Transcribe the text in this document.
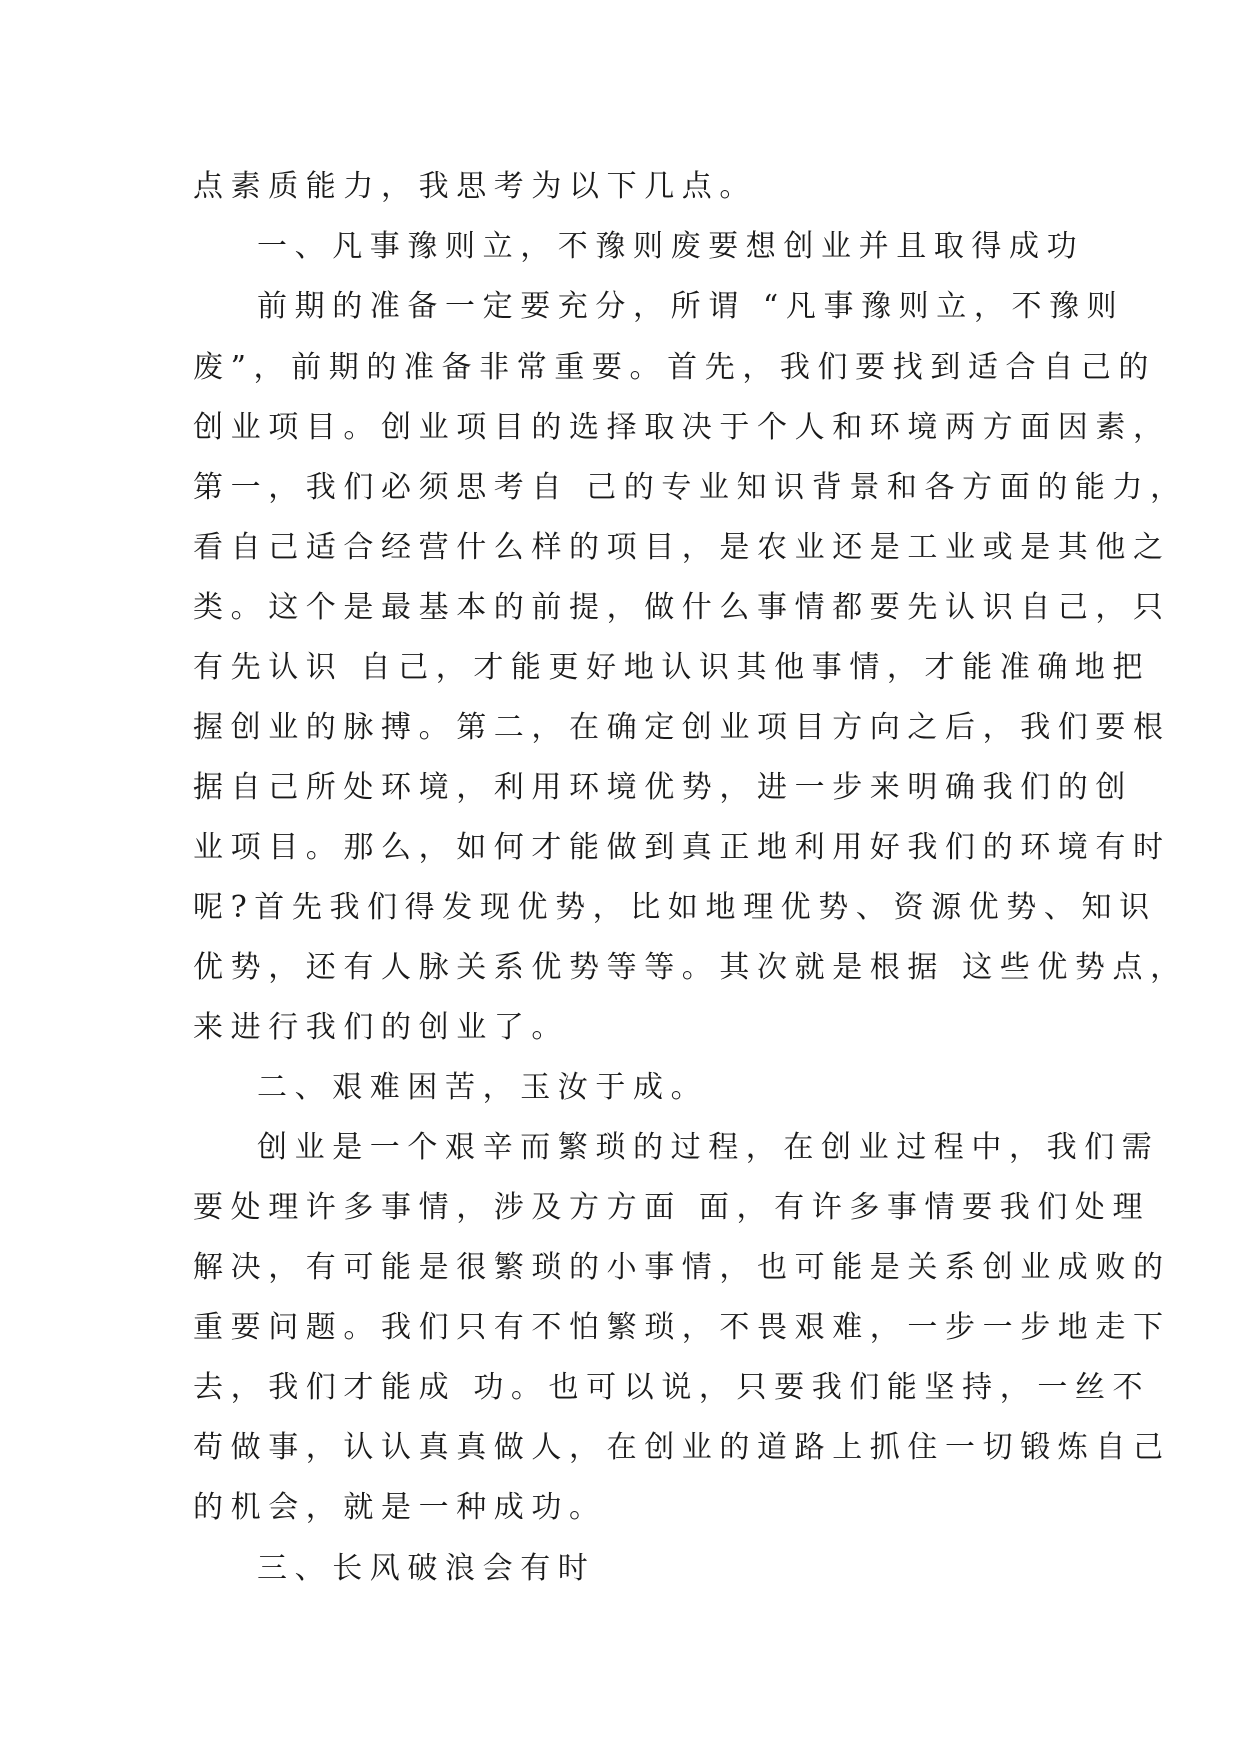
点素质能力，我思考为以下几点。
一、凡事豫则立，不豫则废要想创业并且取得成功
前期的准备一定要充分，所谓 “凡事豫则立，不豫则
废”，前期的准备非常重要。首先，我们要找到适合自己的
创业项目。创业项目的选择取决于个人和环境两方面因素，
第一，我们必须思考自 己的专业知识背景和各方面的能力，
看自己适合经营什么样的项目，是农业还是工业或是其他之
类。这个是最基本的前提，做什么事情都要先认识自己，只
有先认识 自己，才能更好地认识其他事情，才能准确地把
握创业的脉搏。第二，在确定创业项目方向之后，我们要根
据自己所处环境，利用环境优势，进一步来明确我们的创
业项目。那么，如何才能做到真正地利用好我们的环境有时
呢?首先我们得发现优势，比如地理优势、资源优势、知识
优势，还有人脉关系优势等等。其次就是根据 这些优势点，
来进行我们的创业了。
二、艰难困苦，玉汝于成。
创业是一个艰辛而繁琐的过程，在创业过程中，我们需
要处理许多事情，涉及方方面 面，有许多事情要我们处理
解决，有可能是很繁琐的小事情，也可能是关系创业成败的
重要问题。我们只有不怕繁琐，不畏艰难，一步一步地走下
去，我们才能成 功。也可以说，只要我们能坚持，一丝不
苟做事，认认真真做人，在创业的道路上抓住一切锻炼自己
的机会，就是一种成功。
三、长风破浪会有时
